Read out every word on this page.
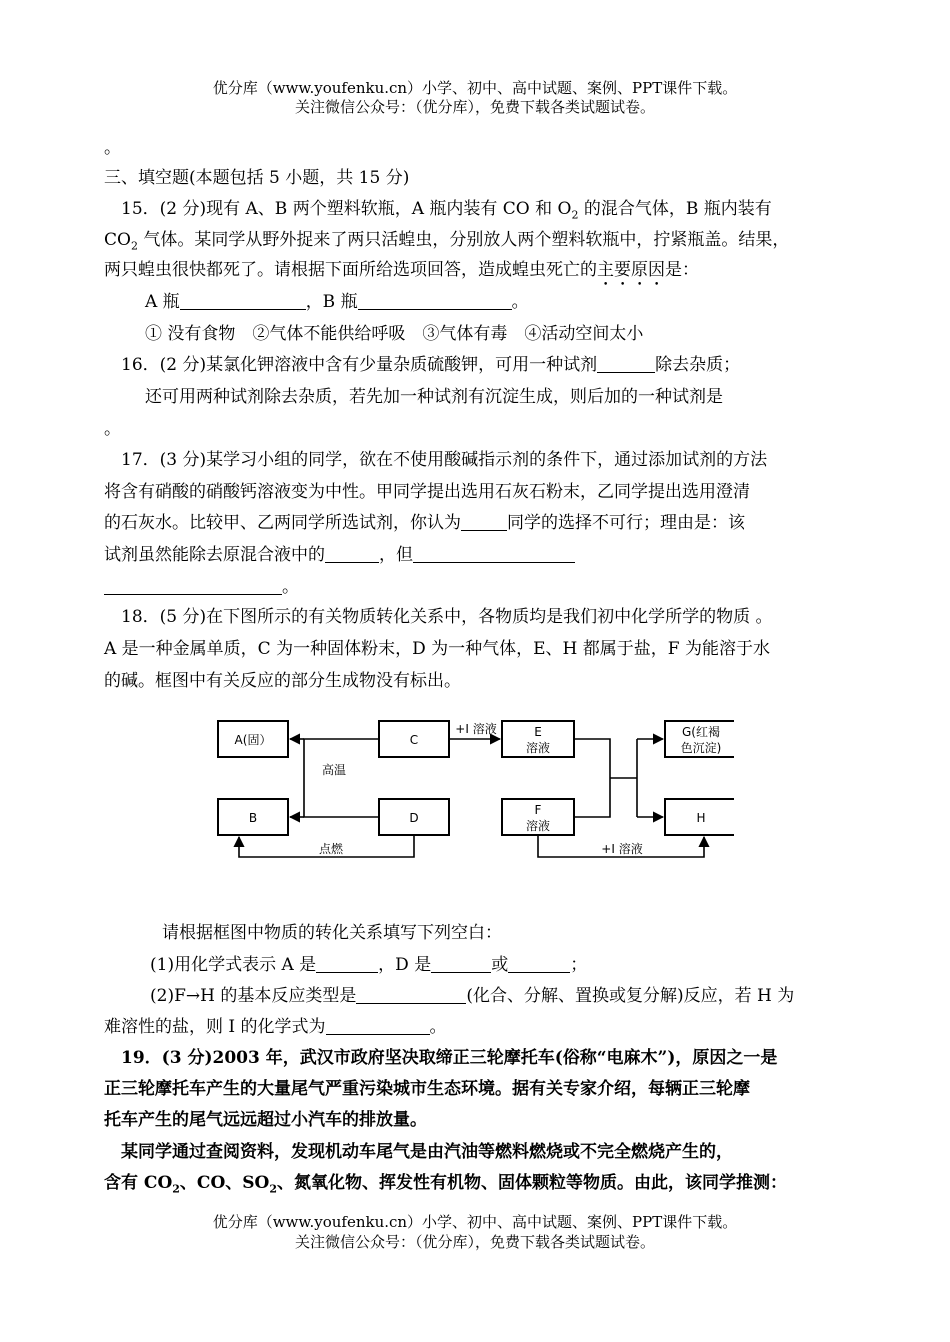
优分库（www.youfenku.cn）小学、初中、高中试题、案例、PPT课件下载。
关注微信公众号：（优分库），免费下载各类试题试卷。
。
三、填空题(本题包括 5 小题，共 15 分)
15．(2 分)现有 A、B 两个塑料软瓶，A 瓶内装有 CO 和 $O_2$ 的混合气体，B 瓶内装有
$CO_2$ 气体。某同学从野外捉来了两只活蝗虫，分别放人两个塑料软瓶中，拧紧瓶盖。结果，
两只蝗虫很快都死了。请根据下面所给选项回答，造成蝗虫死亡的主要原因是：
A 瓶	，B 瓶	。
① 没有食物　②气体不能供给呼吸　③气体有毒　④活动空间太小
16．(2 分)某氯化钾溶液中含有少量杂质硫酸钾，可用一种试剂	除去杂质；
还可用两种试剂除去杂质，若先加一种试剂有沉淀生成，则后加的一种试剂是
。
17．(3 分)某学习小组的同学，欲在不使用酸碱指示剂的条件下，通过添加试剂的方法
将含有硝酸的硝酸钙溶液变为中性。甲同学提出选用石灰石粉末，乙同学提出选用澄清
的石灰水。比较甲、乙两同学所选试剂，你认为	同学的选择不可行；理由是：该
试剂虽然能除去原混合液中的	，但
。
18．(5 分)在下图所示的有关物质转化关系中，各物质均是我们初中化学所学的物质 。
A 是一种金属单质，C 为一种固体粉末，D 为一种气体，E、H 都属于盐，F 为能溶于水
的碱。框图中有关反应的部分生成物没有标出。
A(固）
B
C
D
E
溶液
F
溶液
G(红褐
色沉淀)
H
高温
点燃
+I 溶液
+I 溶液
请根据框图中物质的转化关系填写下列空白：
(1)用化学式表示 A 是	，D 是	或	；
(2)F→H 的基本反应类型是	(化合、分解、置换或复分解)反应，若 H 为
难溶性的盐，则 I 的化学式为	。
19．(3 分)2003 年，武汉市政府坚决取缔正三轮摩托车(俗称“电麻木”)，原因之一是
正三轮摩托车产生的大量尾气严重污染城市生态环境。据有关专家介绍，每辆正三轮摩
托车产生的尾气远远超过小汽车的排放量。
某同学通过查阅资料，发现机动车尾气是由汽油等燃料燃烧或不完全燃烧产生的，
含有 $CO_2$、CO、$SO_2$、氮氧化物、挥发性有机物、固体颗粒等物质。由此，该同学推测：
优分库（www.youfenku.cn）小学、初中、高中试题、案例、PPT课件下载。
关注微信公众号：（优分库），免费下载各类试题试卷。
